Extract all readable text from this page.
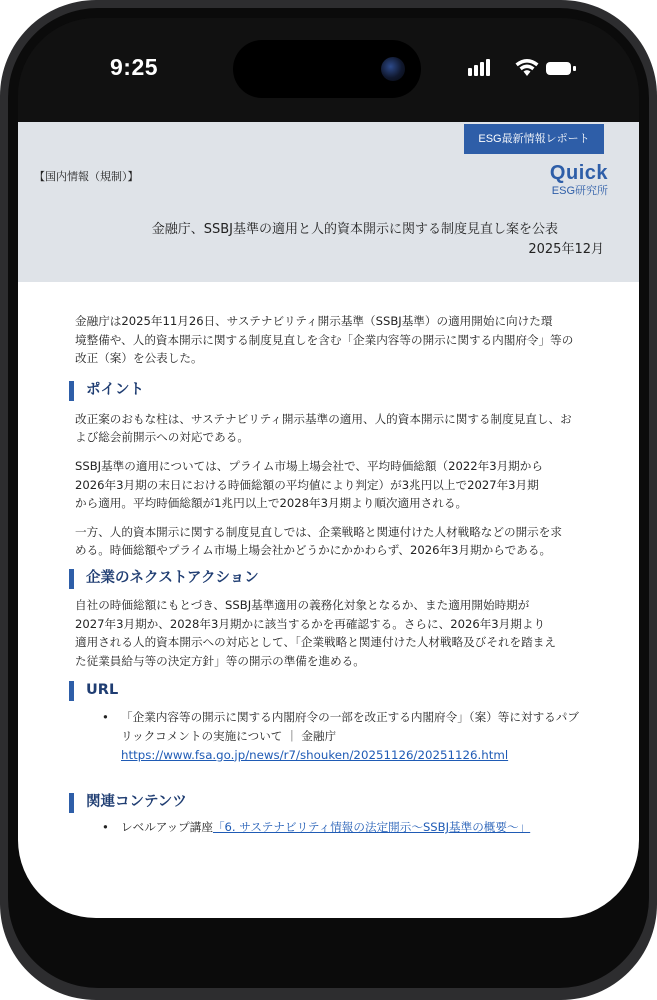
9:25
ESG最新情報レポート
【国内情報（規制）】	Quick
ESG研究所
金融庁、SSBJ基準の適用と人的資本開示に関する制度見直し案を公表
2025年12月

金融庁は2025年11月26日、サステナビリティ開示基準（SSBJ基準）の適用開始に向けた環

境整備や、人的資本開示に関する制度見直しを含む「企業内容等の開示に関する内閣府令」等の

改正（案）を公表した。

ポイント

改正案のおもな柱は、サステナビリティ開示基準の適用、人的資本開示に関する制度見直し、お

よび総会前開示への対応である。

SSBJ基準の適用については、プライム市場上場会社で、平均時価総額（2022年3月期から

2026年3月期の末日における時価総額の平均値により判定）が3兆円以上で2027年3月期

から適用。平均時価総額が1兆円以上で2028年3月期より順次適用される。

一方、人的資本開示に関する制度見直しでは、企業戦略と関連付けた人材戦略などの開示を求

める。時価総額やプライム市場上場会社かどうかにかかわらず、2026年3月期からである。

企業のネクストアクション

自社の時価総額にもとづき、SSBJ基準適用の義務化対象となるか、また適用開始時期が

2027年3月期か、2028年3月期かに該当するかを再確認する。さらに、2026年3月期より

適用される人的資本開示への対応として、「企業戦略と関連付けた人材戦略及びそれを踏まえ

た従業員給与等の決定方針」等の開示の準備を進める。

URL
• 「企業内容等の開示に関する内閣府令の一部を改正する内閣府令」（案）等に対するパブ
リックコメントの実施について ｜ 金融庁
https://www.fsa.go.jp/news/r7/shouken/20251126/20251126.html
関連コンテンツ
• レベルアップ講座「6. サステナビリティ情報の法定開示～SSBJ基準の概要～」
